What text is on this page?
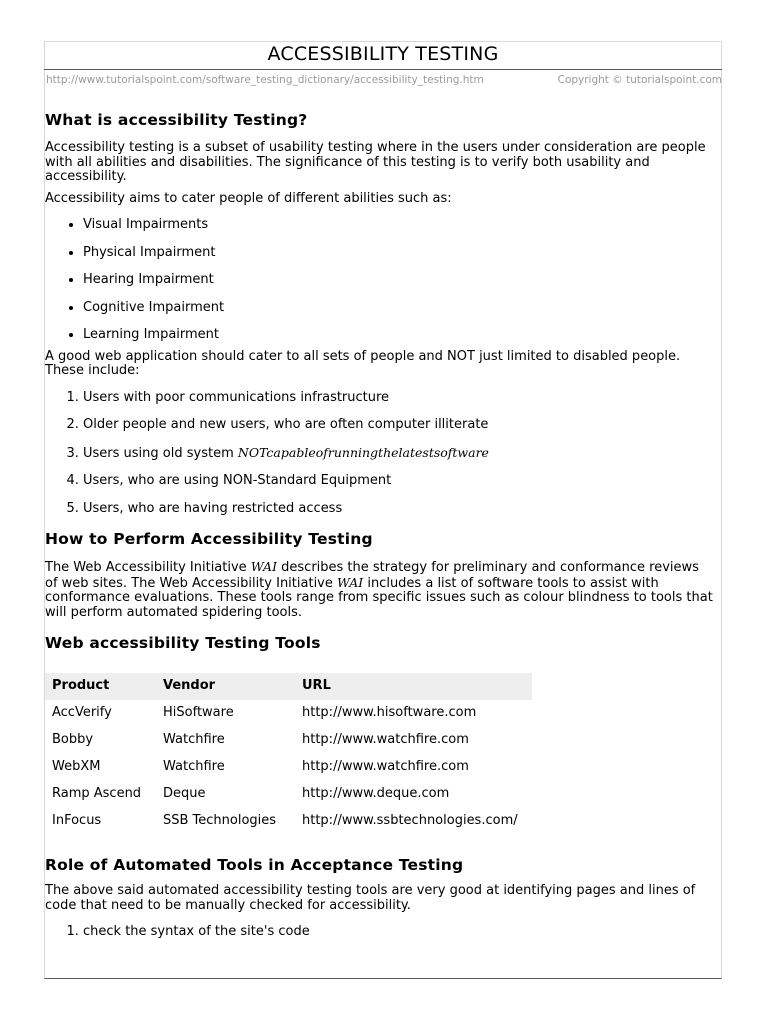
ACCESSIBILITY TESTING
http://www.tutorialspoint.com/software_testing_dictionary/accessibility_testing.htm	Copyright © tutorialspoint.com
What is accessibility Testing?

Accessibility testing is a subset of usability testing where in the users under consideration are people with all abilities and disabilities. The significance of this testing is to verify both usability and accessibility.

Accessibility aims to cater people of different abilities such as:

• Visual Impairments
• Physical Impairment
• Hearing Impairment
• Cognitive Impairment
• Learning Impairment

A good web application should cater to all sets of people and NOT just limited to disabled people. These include:

1. Users with poor communications infrastructure
2. Older people and new users, who are often computer illiterate
3. Users using old system NOTcapableofrunningthelatestsoftware
4. Users, who are using NON-Standard Equipment
5. Users, who are having restricted access
How to Perform Accessibility Testing

The Web Accessibility Initiative WAI describes the strategy for preliminary and conformance reviews of web sites. The Web Accessibility Initiative WAI includes a list of software tools to assist with conformance evaluations. These tools range from specific issues such as colour blindness to tools that will perform automated spidering tools.

Web accessibility Testing Tools
Product	Vendor	URL
AccVerify	HiSoftware	http://www.hisoftware.com
Bobby	Watchfire	http://www.watchfire.com
WebXM	Watchfire	http://www.watchfire.com
Ramp Ascend	Deque	http://www.deque.com
InFocus	SSB Technologies	http://www.ssbtechnologies.com/
Role of Automated Tools in Acceptance Testing

The above said automated accessibility testing tools are very good at identifying pages and lines of code that need to be manually checked for accessibility.

1. check the syntax of the site's code
